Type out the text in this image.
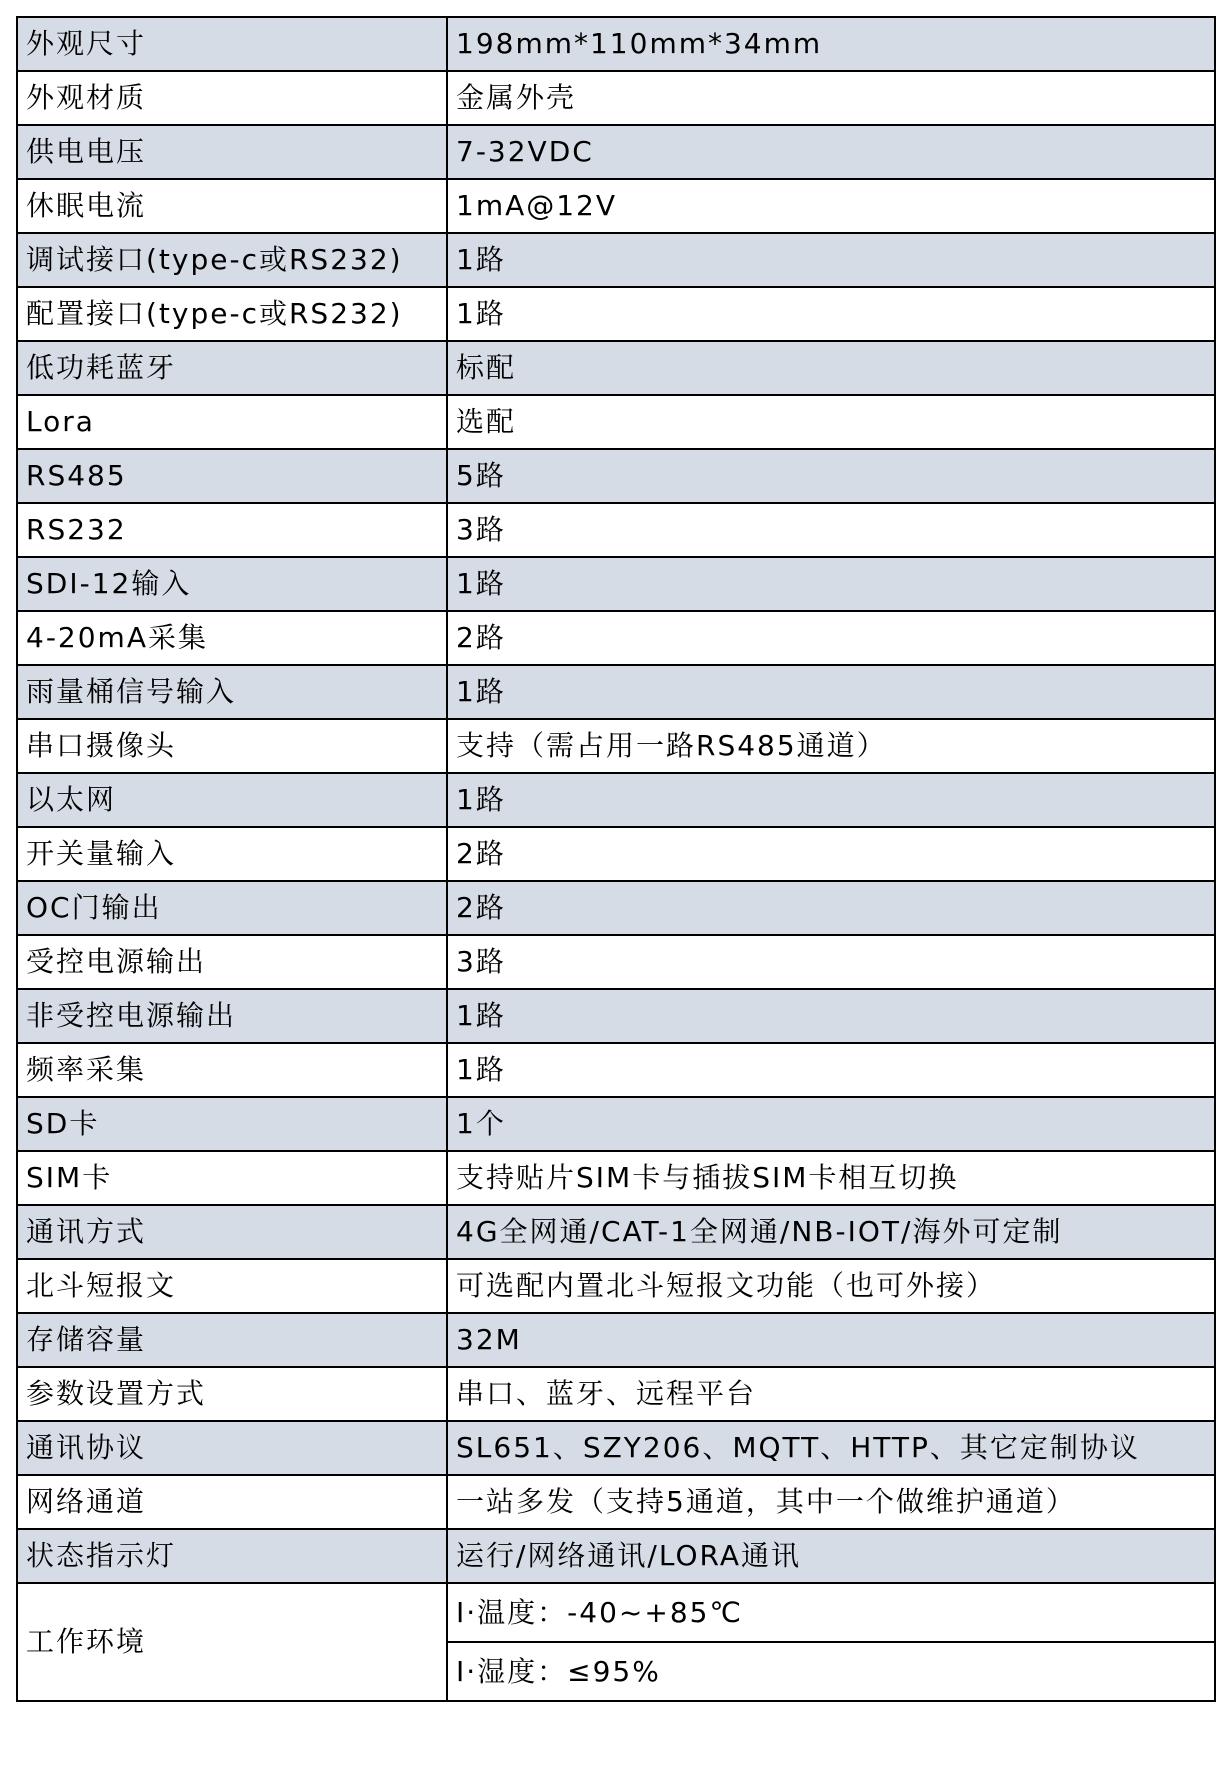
外观尺寸	198mm*110mm*34mm
外观材质	金属外壳
供电电压	7-32VDC
休眠电流	1mA@12V
调试接口(type-c或RS232)	1路
配置接口(type-c或RS232)	1路
低功耗蓝牙	标配
Lora	选配
RS485	5路
RS232	3路
SDI-12输入	1路
4-20mA采集	2路
雨量桶信号输入	1路
串口摄像头	支持（需占用一路RS485通道）
以太网	1路
开关量输入	2路
OC门输出	2路
受控电源输出	3路
非受控电源输出	1路
频率采集	1路
SD卡	1个
SIM卡	支持贴片SIM卡与插拔SIM卡相互切换
通讯方式	4G全网通/CAT-1全网通/NB-IOT/海外可定制
北斗短报文	可选配内置北斗短报文功能（也可外接）
存储容量	32M
参数设置方式	串口、蓝牙、远程平台
通讯协议	SL651、SZY206、MQTT、HTTP、其它定制协议
网络通道	一站多发（支持5通道，其中一个做维护通道）
状态指示灯	运行/网络通讯/LORA通讯
工作环境	I·温度：-40~+85℃
	I·湿度：≤95%
